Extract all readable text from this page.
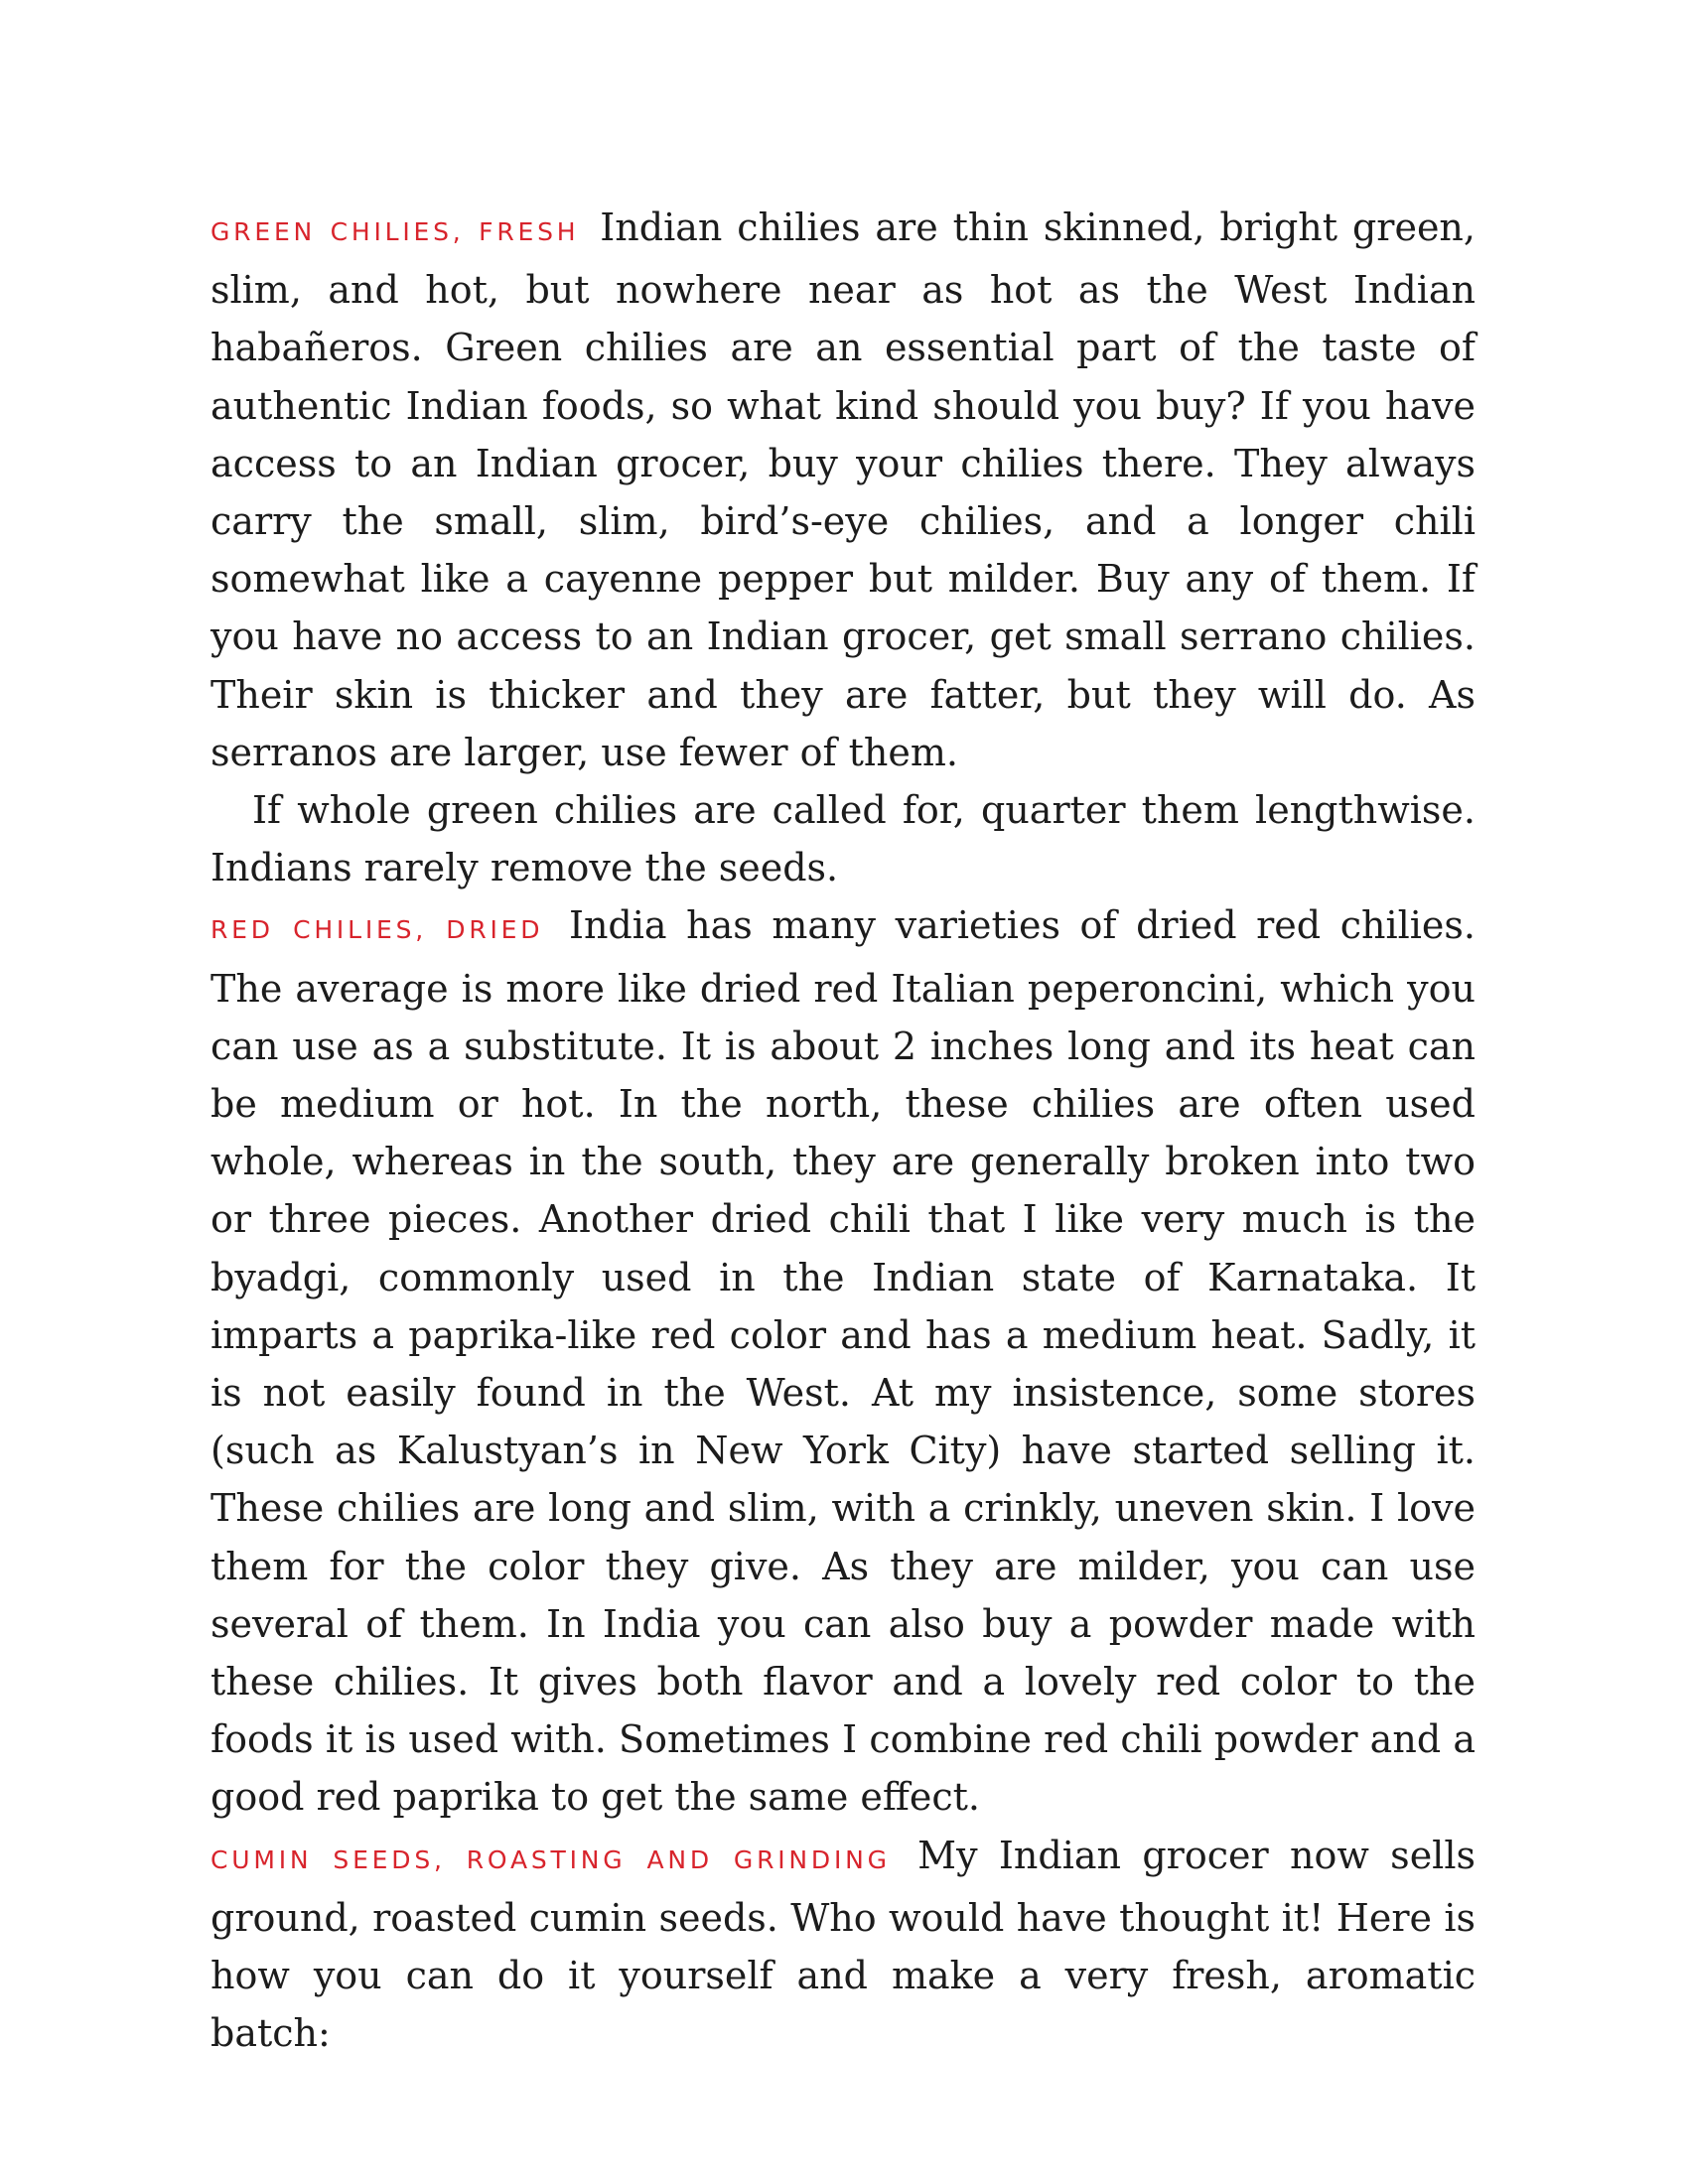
GREEN CHILIES, FRESH Indian chilies are thin skinned, bright green, slim, and hot, but nowhere near as hot as the West Indian habañeros. Green chilies are an essential part of the taste of authentic Indian foods, so what kind should you buy? If you have access to an Indian grocer, buy your chilies there. They always carry the small, slim, bird’s-eye chilies, and a longer chili somewhat like a cayenne pepper but milder. Buy any of them. If you have no access to an Indian grocer, get small serrano chilies. Their skin is thicker and they are fatter, but they will do. As serranos are larger, use fewer of them.

If whole green chilies are called for, quarter them lengthwise. Indians rarely remove the seeds.

RED CHILIES, DRIED India has many varieties of dried red chilies. The average is more like dried red Italian peperoncini, which you can use as a substitute. It is about 2 inches long and its heat can be medium or hot. In the north, these chilies are often used whole, whereas in the south, they are generally broken into two or three pieces. Another dried chili that I like very much is the byadgi, commonly used in the Indian state of Karnataka. It imparts a paprika-like red color and has a medium heat. Sadly, it is not easily found in the West. At my insistence, some stores (such as Kalustyan’s in New York City) have started selling it. These chilies are long and slim, with a crinkly, uneven skin. I love them for the color they give. As they are milder, you can use several of them. In India you can also buy a powder made with these chilies. It gives both flavor and a lovely red color to the foods it is used with. Sometimes I combine red chili powder and a good red paprika to get the same effect.

CUMIN SEEDS, ROASTING AND GRINDING My Indian grocer now sells ground, roasted cumin seeds. Who would have thought it! Here is how you can do it yourself and make a very fresh, aromatic batch:
